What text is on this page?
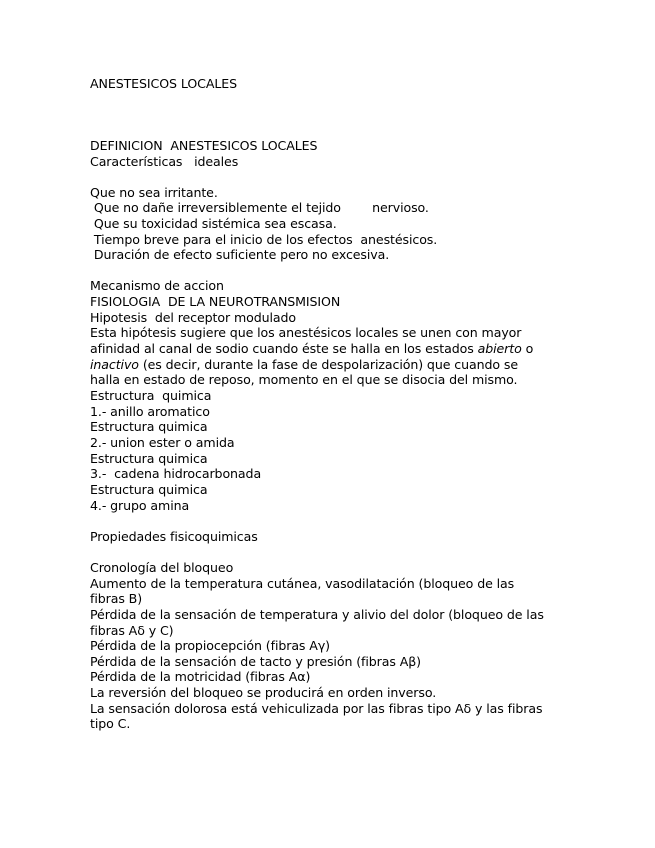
ANESTESICOS LOCALES

DEFINICION  ANESTESICOS LOCALES

Características   ideales

Que no sea irritante.

Que no dañe irreversiblemente el tejido        nervioso.

Que su toxicidad sistémica sea escasa.

Tiempo breve para el inicio de los efectos  anestésicos.

Duración de efecto suficiente pero no excesiva.

Mecanismo de accion

FISIOLOGIA  DE LA NEUROTRANSMISION

Hipotesis  del receptor modulado

Esta hipótesis sugiere que los anestésicos locales se unen con mayor

afinidad al canal de sodio cuando éste se halla en los estados abierto o

inactivo (es decir, durante la fase de despolarización) que cuando se

halla en estado de reposo, momento en el que se disocia del mismo.

Estructura  quimica

1.- anillo aromatico

Estructura quimica

2.- union ester o amida

Estructura quimica

3.-  cadena hidrocarbonada

Estructura quimica

4.- grupo amina

Propiedades fisicoquimicas

Cronología del bloqueo

Aumento de la temperatura cutánea, vasodilatación (bloqueo de las

fibras B)

Pérdida de la sensación de temperatura y alivio del dolor (bloqueo de las

fibras Aδ y C)

Pérdida de la propiocepción (fibras Aγ)

Pérdida de la sensación de tacto y presión (fibras Aβ)

Pérdida de la motricidad (fibras Aα)

La reversión del bloqueo se producirá en orden inverso.

La sensación dolorosa está vehiculizada por las fibras tipo Aδ y las fibras

tipo C.
